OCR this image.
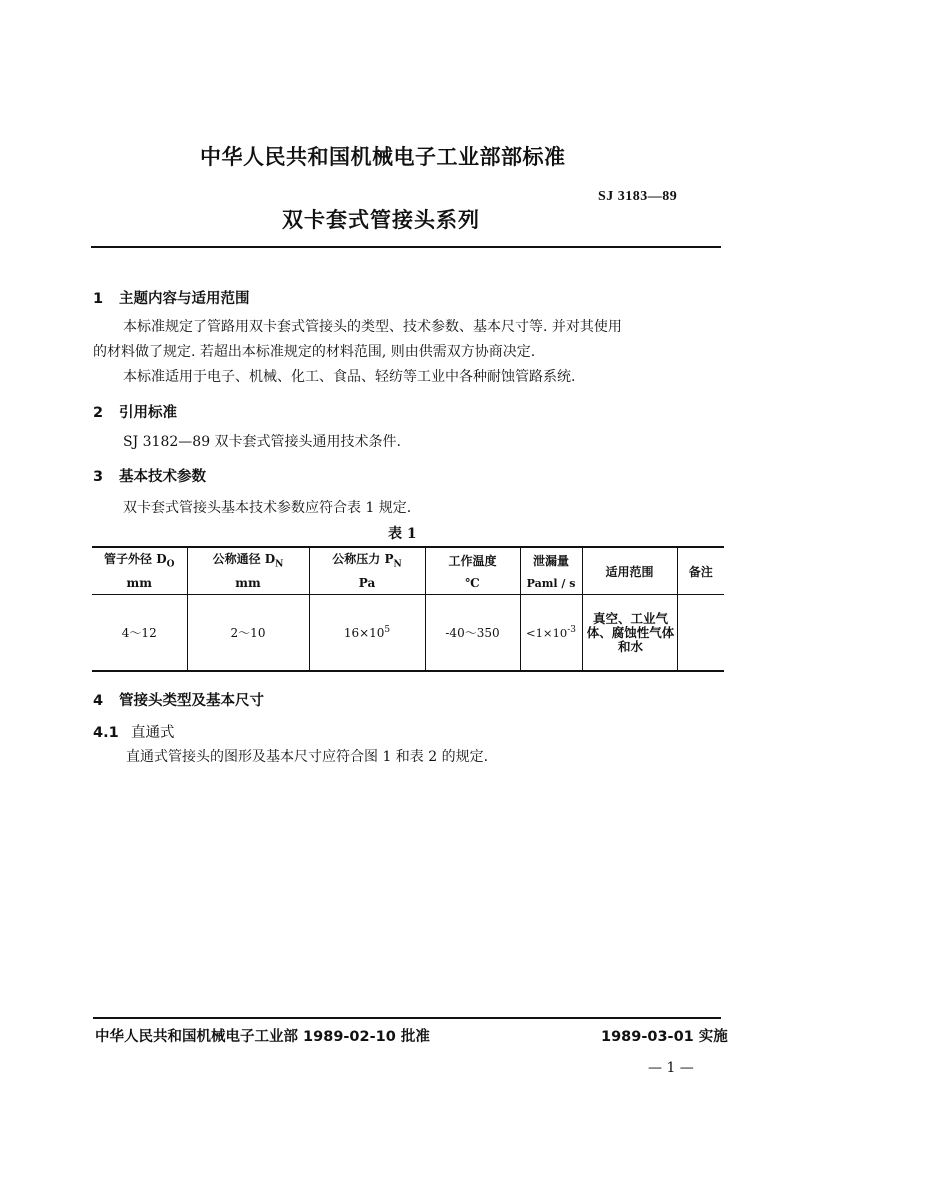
中华人民共和国机械电子工业部部标准
SJ 3183—89
双卡套式管接头系列
1 主题内容与适用范围
本标准规定了管路用双卡套式管接头的类型、技术参数、基本尺寸等. 并对其使用
的材料做了规定. 若超出本标准规定的材料范围, 则由供需双方协商决定.
本标准适用于电子、机械、化工、食品、轻纺等工业中各种耐蚀管路系统.
2 引用标准
SJ 3182—89 双卡套式管接头通用技术条件.
3 基本技术参数
双卡套式管接头基本技术参数应符合表 1 规定.
表 1
管子外径 $D_O$	公称通径 $D_N$	公称压力 $P_N$	工作温度	泄漏量	适用范围	备注
mm	mm	Pa	℃	Paml / s		
4～12	2～10	$16\times 10^5$	-40～350	$<1\times 10^{-3}$	真空、工业气体、腐蚀性气体和水	
4 管接头类型及基本尺寸
4.1 直通式
直通式管接头的图形及基本尺寸应符合图 1 和表 2 的规定.
中华人民共和国机械电子工业部 1989-02-10 批准	1989-03-01 实施
— 1 —
